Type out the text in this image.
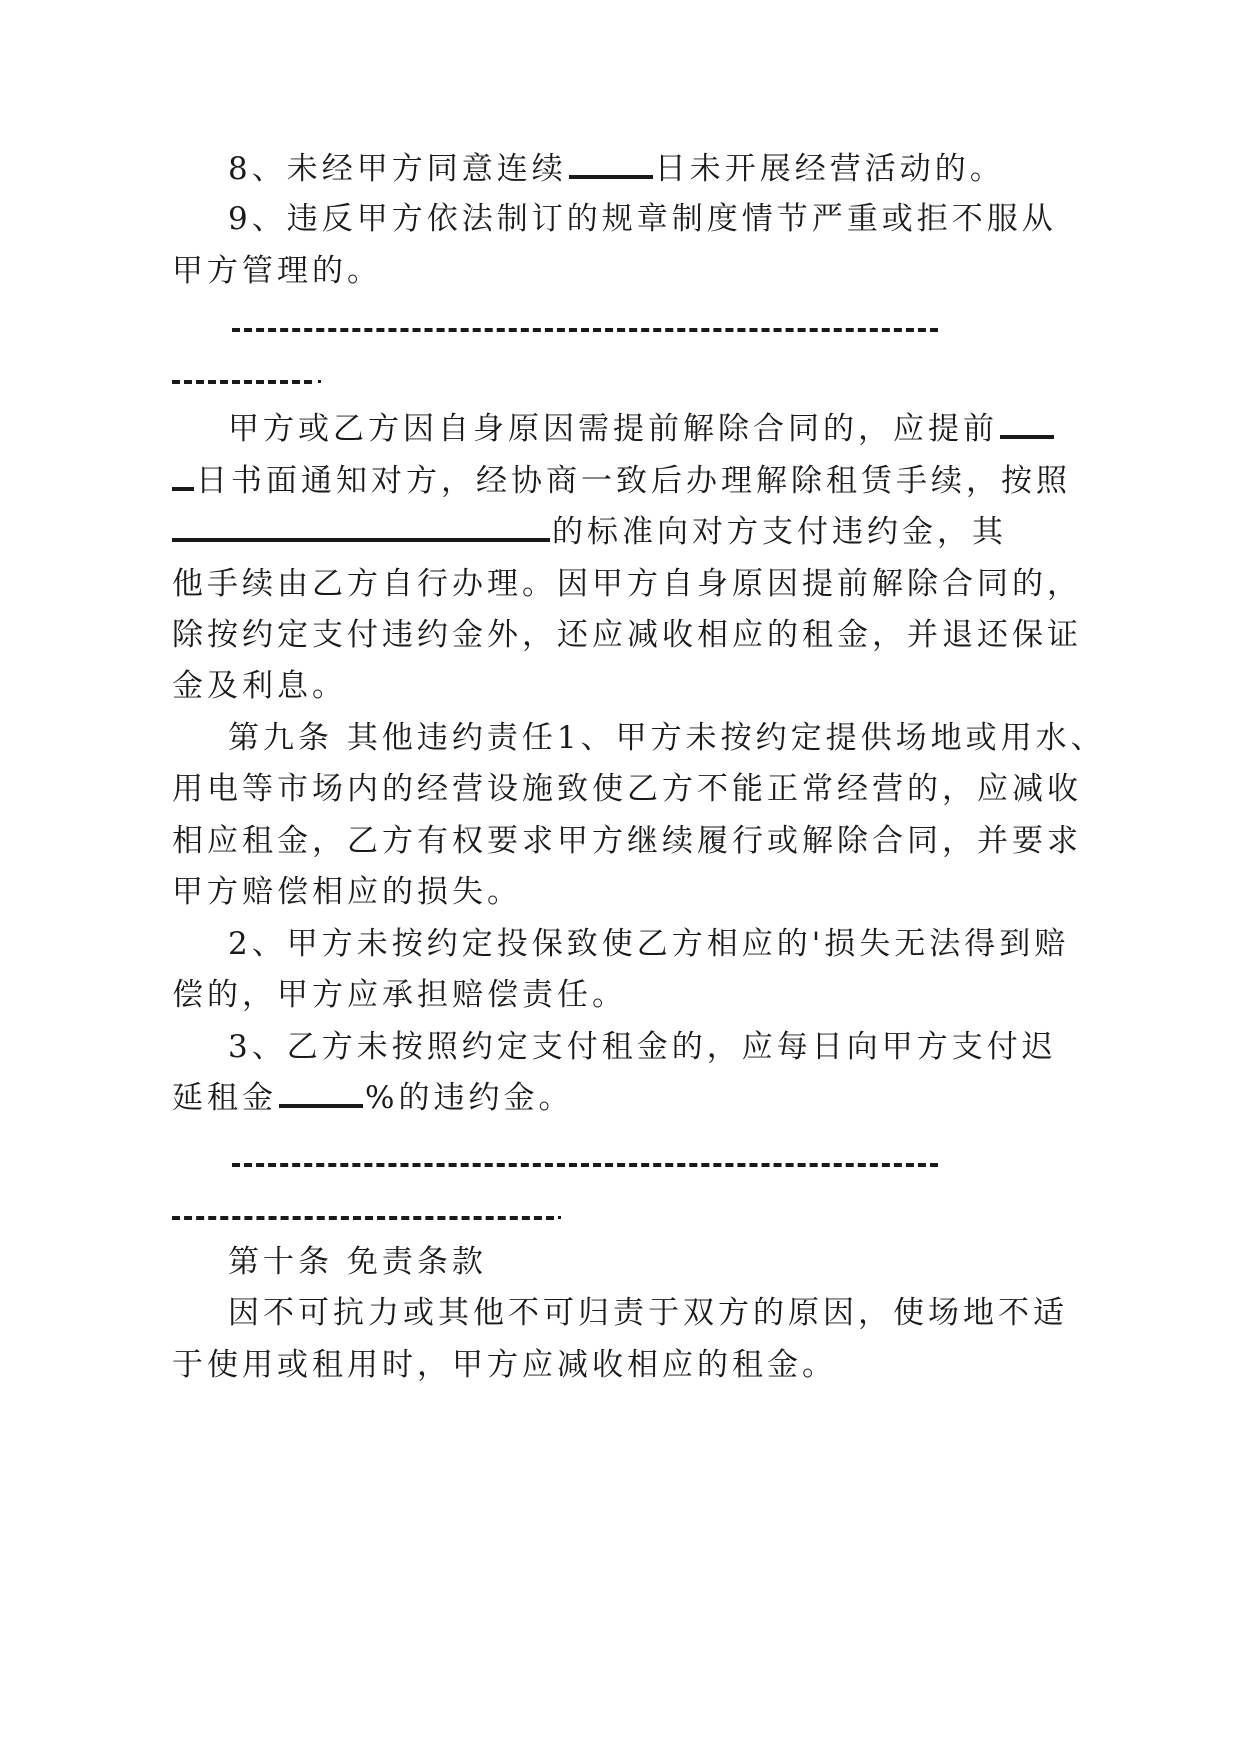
8、未经甲方同意连续	日未开展经营活动的。
9、违反甲方依法制订的规章制度情节严重或拒不服从
甲方管理的。
甲方或乙方因自身原因需提前解除合同的，应提前
日书面通知对方，经协商一致后办理解除租赁手续，按照
的标准向对方支付违约金，其
他手续由乙方自行办理。因甲方自身原因提前解除合同的，
除按约定支付违约金外，还应减收相应的租金，并退还保证
金及利息。
第九条 其他违约责任1、甲方未按约定提供场地或用水、
用电等市场内的经营设施致使乙方不能正常经营的，应减收
相应租金，乙方有权要求甲方继续履行或解除合同，并要求
甲方赔偿相应的损失。
2、甲方未按约定投保致使乙方相应的'损失无法得到赔
偿的，甲方应承担赔偿责任。
3、乙方未按照约定支付租金的，应每日向甲方支付迟
延租金	%的违约金。
第十条 免责条款
因不可抗力或其他不可归责于双方的原因，使场地不适
于使用或租用时，甲方应减收相应的租金。
